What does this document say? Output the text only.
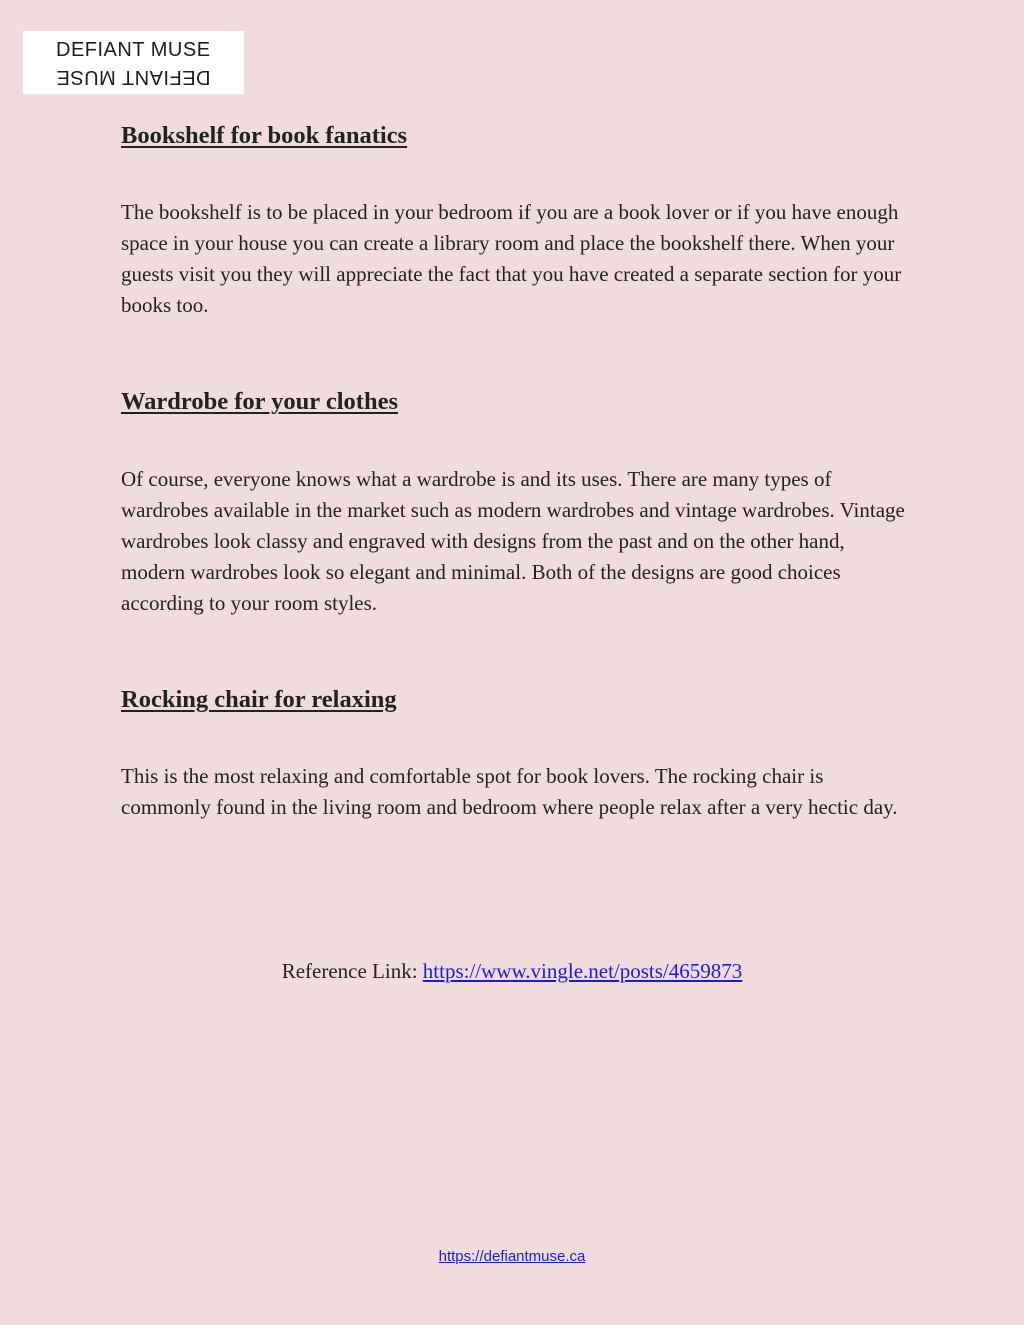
DEFIANT MUSE
DEFIANT MUSE
Bookshelf for book fanatics

The bookshelf is to be placed in your bedroom if you are a book lover or if you have enough space in your house you can create a library room and place the bookshelf there. When your guests visit you they will appreciate the fact that you have created a separate section for your books too.

Wardrobe for your clothes

Of course, everyone knows what a wardrobe is and its uses. There are many types of wardrobes available in the market such as modern wardrobes and vintage wardrobes. Vintage wardrobes look classy and engraved with designs from the past and on the other hand, modern wardrobes look so elegant and minimal. Both of the designs are good choices according to your room styles.

Rocking chair for relaxing

This is the most relaxing and comfortable spot for book lovers. The rocking chair is commonly found in the living room and bedroom where people relax after a very hectic day.

Reference Link: https://www.vingle.net/posts/4659873
https://defiantmuse.ca
